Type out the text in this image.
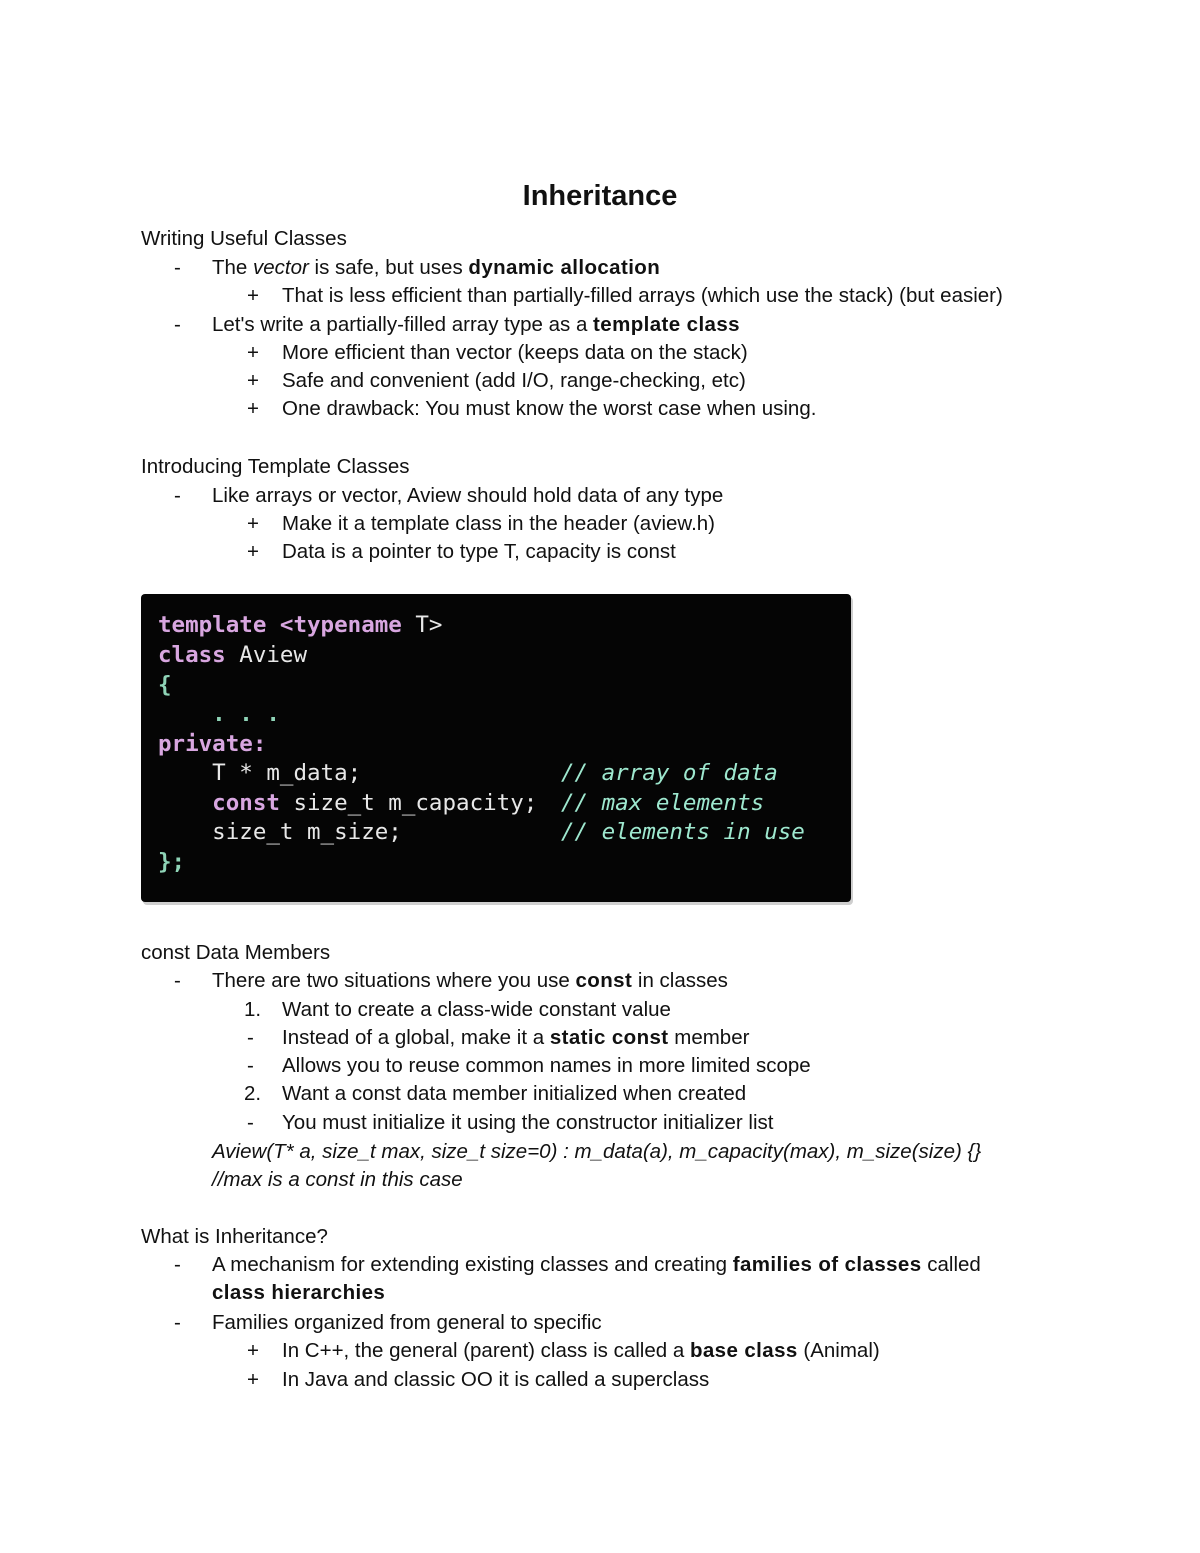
Inheritance
Writing Useful Classes
- The vector is safe, but uses dynamic allocation
+ That is less efficient than partially-filled arrays (which use the stack) (but easier)
- Let's write a partially-filled array type as a template class
+ More efficient than vector (keeps data on the stack)
+ Safe and convenient (add I/O, range-checking, etc)
+ One drawback: You must know the worst case when using.
Introducing Template Classes
- Like arrays or vector, Aview should hold data of any type
+ Make it a template class in the header (aview.h)
+ Data is a pointer to type T, capacity is const
template <typename T>
class Aview
{
. . .
private:
T * m_data;
const size_t m_capacity;
size_t m_size;
};
// array of data
// max elements
// elements in use
const Data Members
- There are two situations where you use const in classes
1. Want to create a class-wide constant value
- Instead of a global, make it a static const member
- Allows you to reuse common names in more limited scope
2. Want a const data member initialized when created
- You must initialize it using the constructor initializer list
Aview(T* a, size_t max, size_t size=0) : m_data(a), m_capacity(max), m_size(size) {}
//max is a const in this case
What is Inheritance?
- A mechanism for extending existing classes and creating families of classes called
class hierarchies
- Families organized from general to specific
+ In C++, the general (parent) class is called a base class (Animal)
+ In Java and classic OO it is called a superclass
